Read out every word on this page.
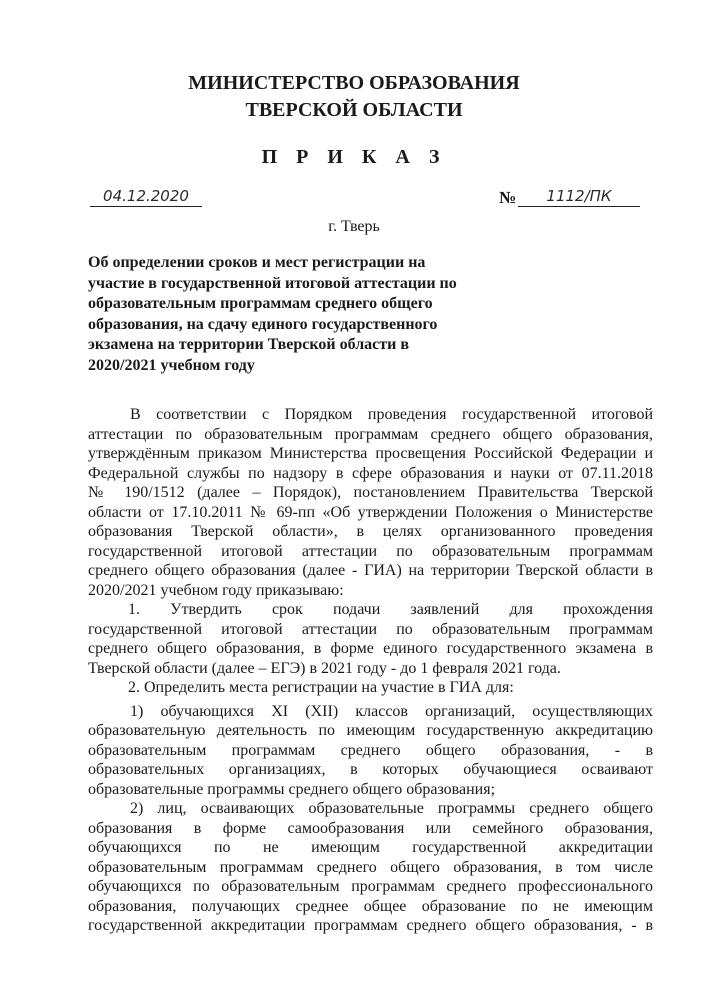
МИНИСТЕРСТВО ОБРАЗОВАНИЯ
ТВЕРСКОЙ ОБЛАСТИ
П Р И К А З
04.12.2020	№	1112/ПК
г. Тверь
Об определении сроков и мест регистрации на
участие в государственной итоговой аттестации по
образовательным программам среднего общего
образования, на сдачу единого государственного
экзамена на территории Тверской области в
2020/2021 учебном году
В соответствии с Порядком проведения государственной итоговой
аттестации по образовательным программам среднего общего образования,
утверждённым приказом Министерства просвещения Российской Федерации и
Федеральной службы по надзору в сфере образования и науки от 07.11.2018
№ 190/1512 (далее – Порядок), постановлением Правительства Тверской
области от 17.10.2011 № 69-пп «Об утверждении Положения о Министерстве
образования Тверской области», в целях организованного проведения
государственной итоговой аттестации по образовательным программам
среднего общего образования (далее - ГИА) на территории Тверской области в
2020/2021 учебном году приказываю:
1. Утвердить срок подачи заявлений для прохождения
государственной итоговой аттестации по образовательным программам
среднего общего образования, в форме единого государственного экзамена в
Тверской области (далее – ЕГЭ) в 2021 году - до 1 февраля 2021 года.
2. Определить места регистрации на участие в ГИА для:
1) обучающихся XI (XII) классов организаций, осуществляющих
образовательную деятельность по имеющим государственную аккредитацию
образовательным программам среднего общего образования, - в
образовательных организациях, в которых обучающиеся осваивают
образовательные программы среднего общего образования;
2) лиц, осваивающих образовательные программы среднего общего
образования в форме самообразования или семейного образования,
обучающихся по не имеющим государственной аккредитации
образовательным программам среднего общего образования, в том числе
обучающихся по образовательным программам среднего профессионального
образования, получающих среднее общее образование по не имеющим
государственной аккредитации программам среднего общего образования, - в
